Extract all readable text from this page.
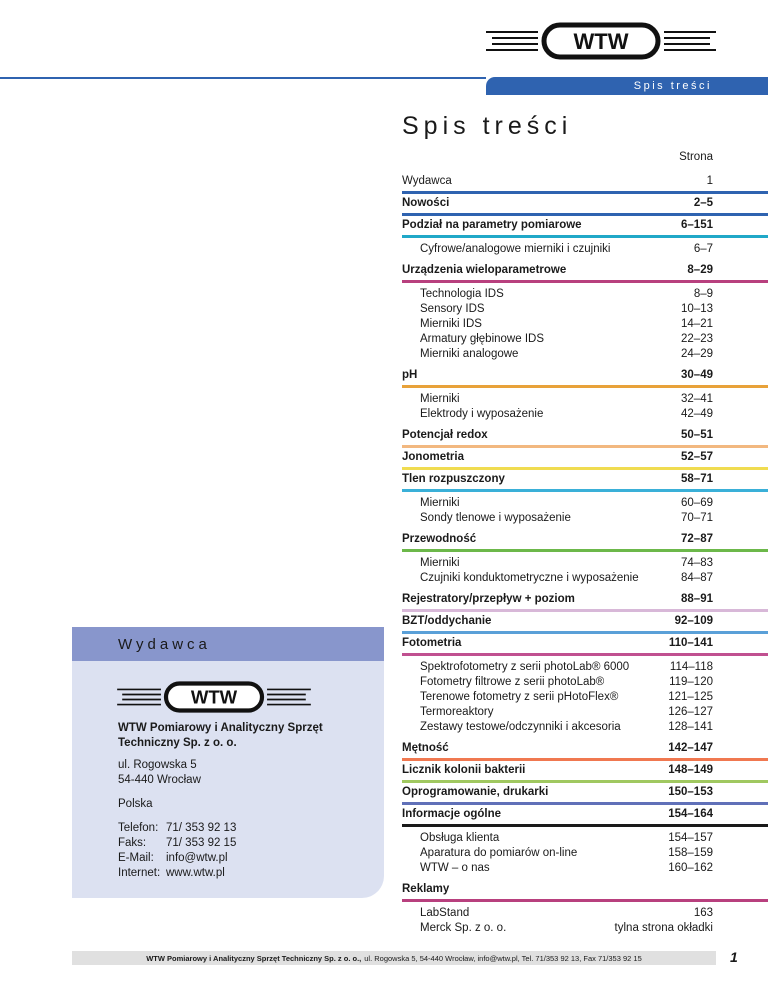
WTW
Spis treści
Spis treści
Strona
Wydawca	1
Nowości	2–5
Podział na parametry pomiarowe	6–151
Cyfrowe/analogowe mierniki i czujniki	6–7
Urządzenia wieloparametrowe	8–29
Technologia IDS	8–9
Sensory IDS	10–13
Mierniki IDS	14–21
Armatury głębinowe IDS	22–23
Mierniki analogowe	24–29
pH	30–49
Mierniki	32–41
Elektrody i wyposażenie	42–49
Potencjał redox	50–51
Jonometria	52–57
Tlen rozpuszczony	58–71
Mierniki	60–69
Sondy tlenowe i wyposażenie	70–71
Przewodność	72–87
Mierniki	74–83
Czujniki konduktometryczne i wyposażenie	84–87
Rejestratory/przepływ + poziom	88–91
BZT/oddychanie	92–109
Fotometria	110–141
Spektrofotometry z serii photoLab® 6000	114–118
Fotometry filtrowe z serii photoLab®	119–120
Terenowe fotometry z serii pHotoFlex®	121–125
Termoreaktory	126–127
Zestawy testowe/odczynniki i akcesoria	128–141
Mętność	142–147
Licznik kolonii bakterii	148–149
Oprogramowanie, drukarki	150–153
Informacje ogólne	154–164
Obsługa klienta	154–157
Aparatura do pomiarów on-line	158–159
WTW – o nas	160–162
Reklamy
LabStand	163
Merck Sp. z o. o.	tylna strona okładki
Wydawca
WTW
WTW Pomiarowy i Analityczny Sprzęt
Techniczny Sp. z o. o.
ul. Rogowska 5
54-440 Wrocław
Polska
Telefon: 71/ 353 92 13
Faks:	71/ 353 92 15
E-Mail:	info@wtw.pl
Internet: www.wtw.pl
WTW Pomiarowy i Analityczny Sprzęt Techniczny Sp. z o. o., ul. Rogowska 5, 54-440 Wrocław, info@wtw.pl, Tel. 71/353 92 13, Fax 71/353 92 15	1
